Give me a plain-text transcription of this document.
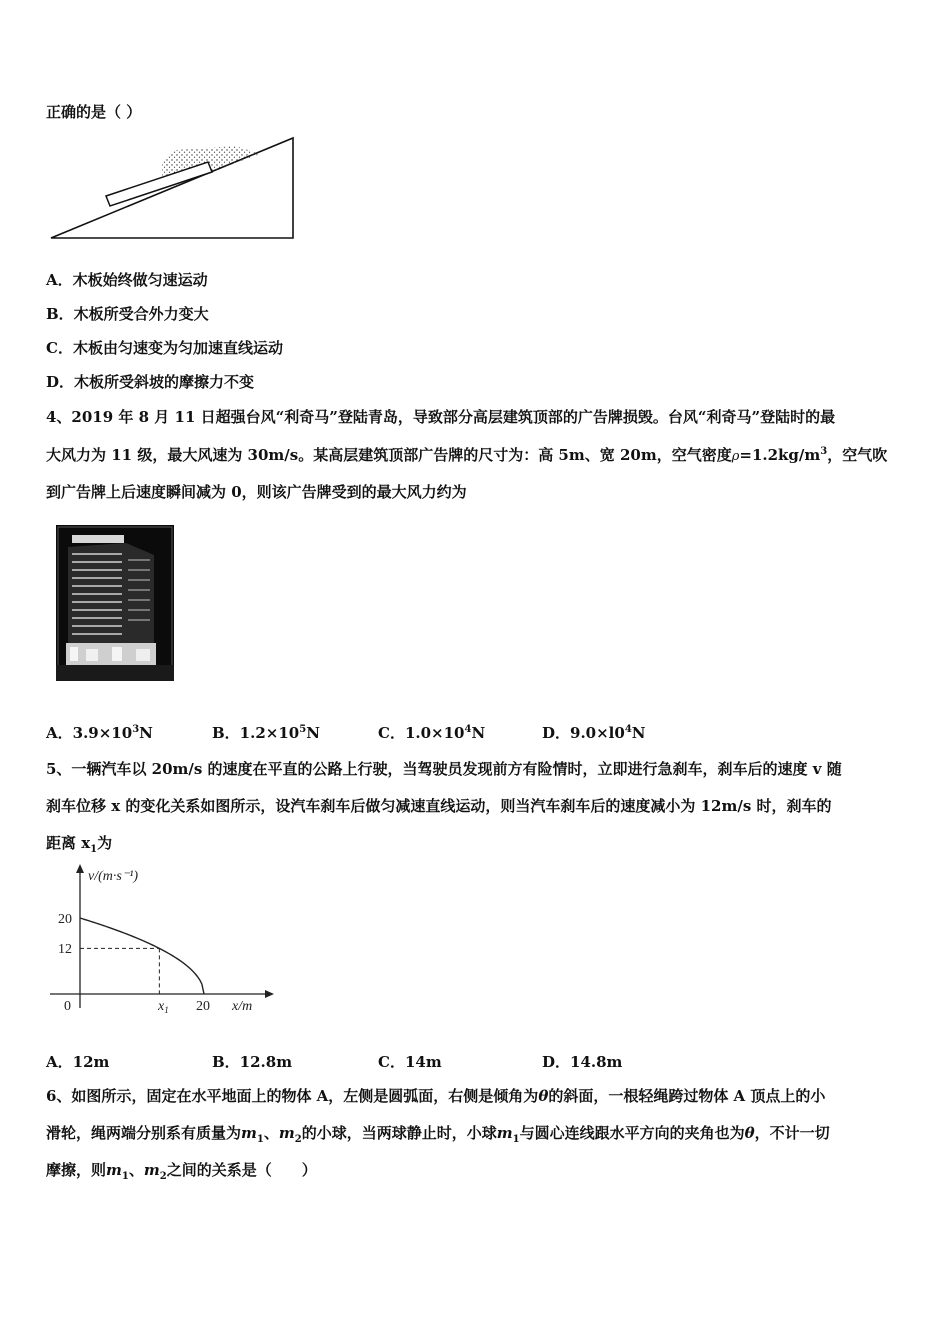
正确的是（ ）
A．木板始终做匀速运动
B．木板所受合外力变大
C．木板由匀速变为匀加速直线运动
D．木板所受斜坡的摩擦力不变
4、2019 年 8 月 11 日超强台风“利奇马”登陆青岛，导致部分高层建筑顶部的广告牌损毁。台风“利奇马”登陆时的最
大风力为 11 级，最大风速为 30m/s。某高层建筑顶部广告牌的尺寸为：高 5m、宽 20m，空气密度$\rho=1.2kg/m^3$，空气吹
到广告牌上后速度瞬间减为 0，则该广告牌受到的最大风力约为
A．$3.9\times 10^3N$	B．$1.2\times 10^5N$	C．$1.0\times 10^4N$	D．$9.0\times l0^4N$
5、一辆汽车以 20m/s 的速度在平直的公路上行驶，当驾驶员发现前方有险情时，立即进行急刹车，刹车后的速度 v 随
刹车位移 x 的变化关系如图所示，设汽车刹车后做匀减速直线运动，则当汽车刹车后的速度减小为 12m/s 时，刹车的
距离 $x_1$为
v/(m·s⁻¹)
x/m
20
12
0	$x_1$ 20
A．12m	B．12.8m	C．14m	D．14.8m
6、如图所示，固定在水平地面上的物体 A，左侧是圆弧面，右侧是倾角为θ的斜面，一根轻绳跨过物体 A 顶点上的小
滑轮，绳两端分别系有质量为$m_1$、$m_2$的小球，当两球静止时，小球$m_1$与圆心连线跟水平方向的夹角也为θ，不计一切
摩擦，则$m_1$、$m_2$之间的关系是（　　）
